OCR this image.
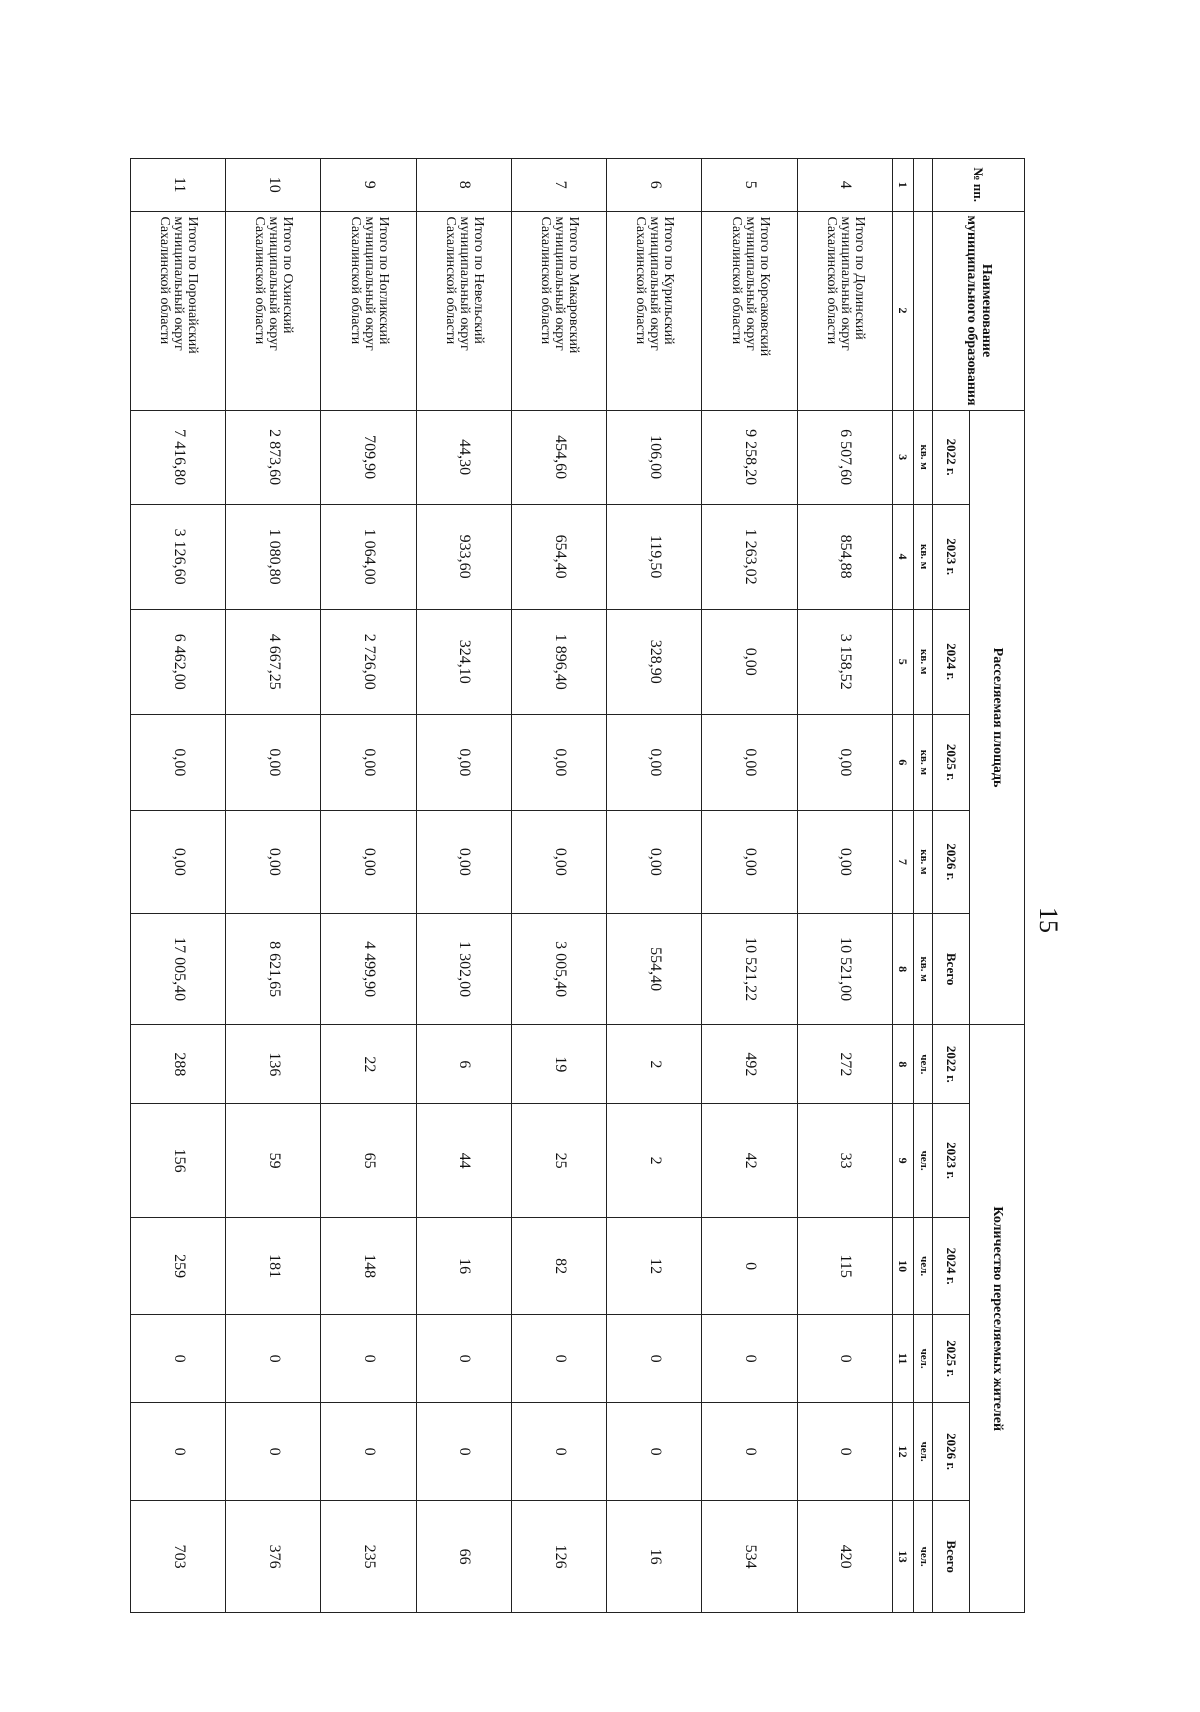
15
№ пп.	Наименование муниципального образования	Расселяемая площадь						Количество переселяемых жителей					
		2022 г.	2023 г.	2024 г.	2025 г.	2026 г.	Всего	2022 г.	2023 г.	2024 г.	2025 г.	2026 г.	Всего
		кв. м	кв. м	кв. м	кв. м	кв. м	кв. м	чел.	чел.	чел.	чел.	чел.	чел.
1	2	3	4	5	6	7	8	8	9	10	11	12	13
4	Итого по Долинский муниципальный округ Сахалинской области	6 507,60	854,88	3 158,52	0,00	0,00	10 521,00	272	33	115	0	0	420
5	Итого по Корсаковский муниципальный округ Сахалинской области	9 258,20	1 263,02	0,00	0,00	0,00	10 521,22	492	42	0	0	0	534
6	Итого по Курильский муниципальный округ Сахалинской области	106,00	119,50	328,90	0,00	0,00	554,40	2	2	12	0	0	16
7	Итого по Макаровский муниципальный округ Сахалинской области	454,60	654,40	1 896,40	0,00	0,00	3 005,40	19	25	82	0	0	126
8	Итого по Невельский муниципальный округ Сахалинской области	44,30	933,60	324,10	0,00	0,00	1 302,00	6	44	16	0	0	66
9	Итого по Ногликский муниципальный округ Сахалинской области	709,90	1 064,00	2 726,00	0,00	0,00	4 499,90	22	65	148	0	0	235
10	Итого по Охинский муниципальный округ Сахалинской области	2 873,60	1 080,80	4 667,25	0,00	0,00	8 621,65	136	59	181	0	0	376
11	Итого по Поронайский муниципальный округ Сахалинской области	7 416,80	3 126,60	6 462,00	0,00	0,00	17 005,40	288	156	259	0	0	703
